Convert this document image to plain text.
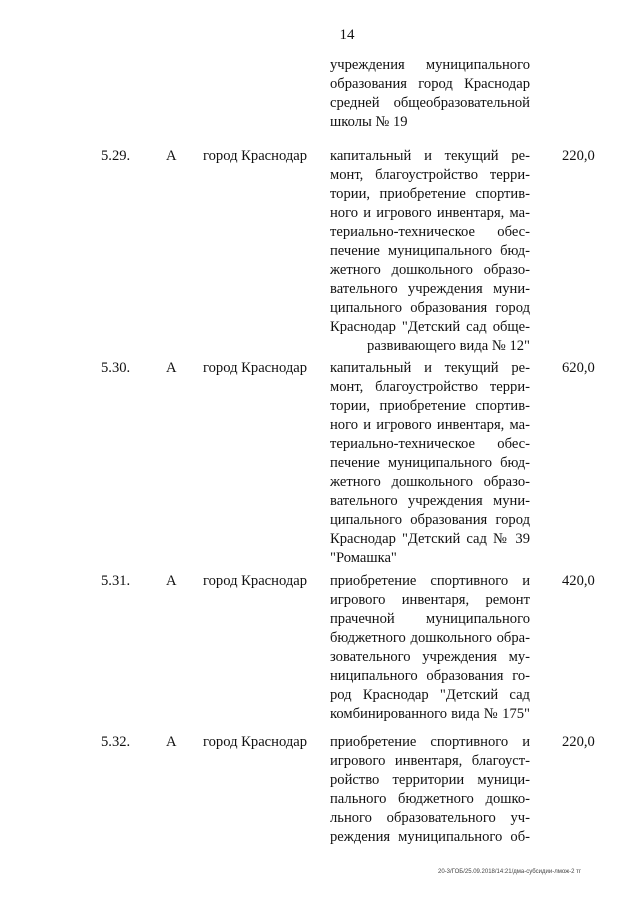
14
учреждения муниципального
образования город Краснодар
средней общеобразовательной
школы № 19
5.29. А город Краснодар капитальный и текущий ре-
монт, благоустройство терри-
тории, приобретение спортив-
ного и игрового инвентаря, ма-
териально-техническое обес-
печение муниципального бюд-
жетного дошкольного образо-
вательного учреждения муни-
ципального образования город
Краснодар "Детский сад обще-
развивающего вида № 12"
220,0
5.30. А город Краснодар капитальный и текущий ре-
монт, благоустройство терри-
тории, приобретение спортив-
ного и игрового инвентаря, ма-
териально-техническое обес-
печение муниципального бюд-
жетного дошкольного образо-
вательного учреждения муни-
ципального образования город
Краснодар "Детский сад № 39
"Ромашка"
620,0
5.31. А город Краснодар приобретение спортивного и
игрового инвентаря, ремонт
прачечной муниципального
бюджетного дошкольного обра-
зовательного учреждения му-
ниципального образования го-
род Краснодар "Детский сад
комбинированного вида № 175"
420,0
5.32. А город Краснодар приобретение спортивного и
игрового инвентаря, благоуст-
ройство территории муници-
пального бюджетного дошко-
льного образовательного уч-
реждения муниципального об-
220,0
20-3/ГОБ/25.09.2018/14:21/дма-субсидии-лмож-2 тг
